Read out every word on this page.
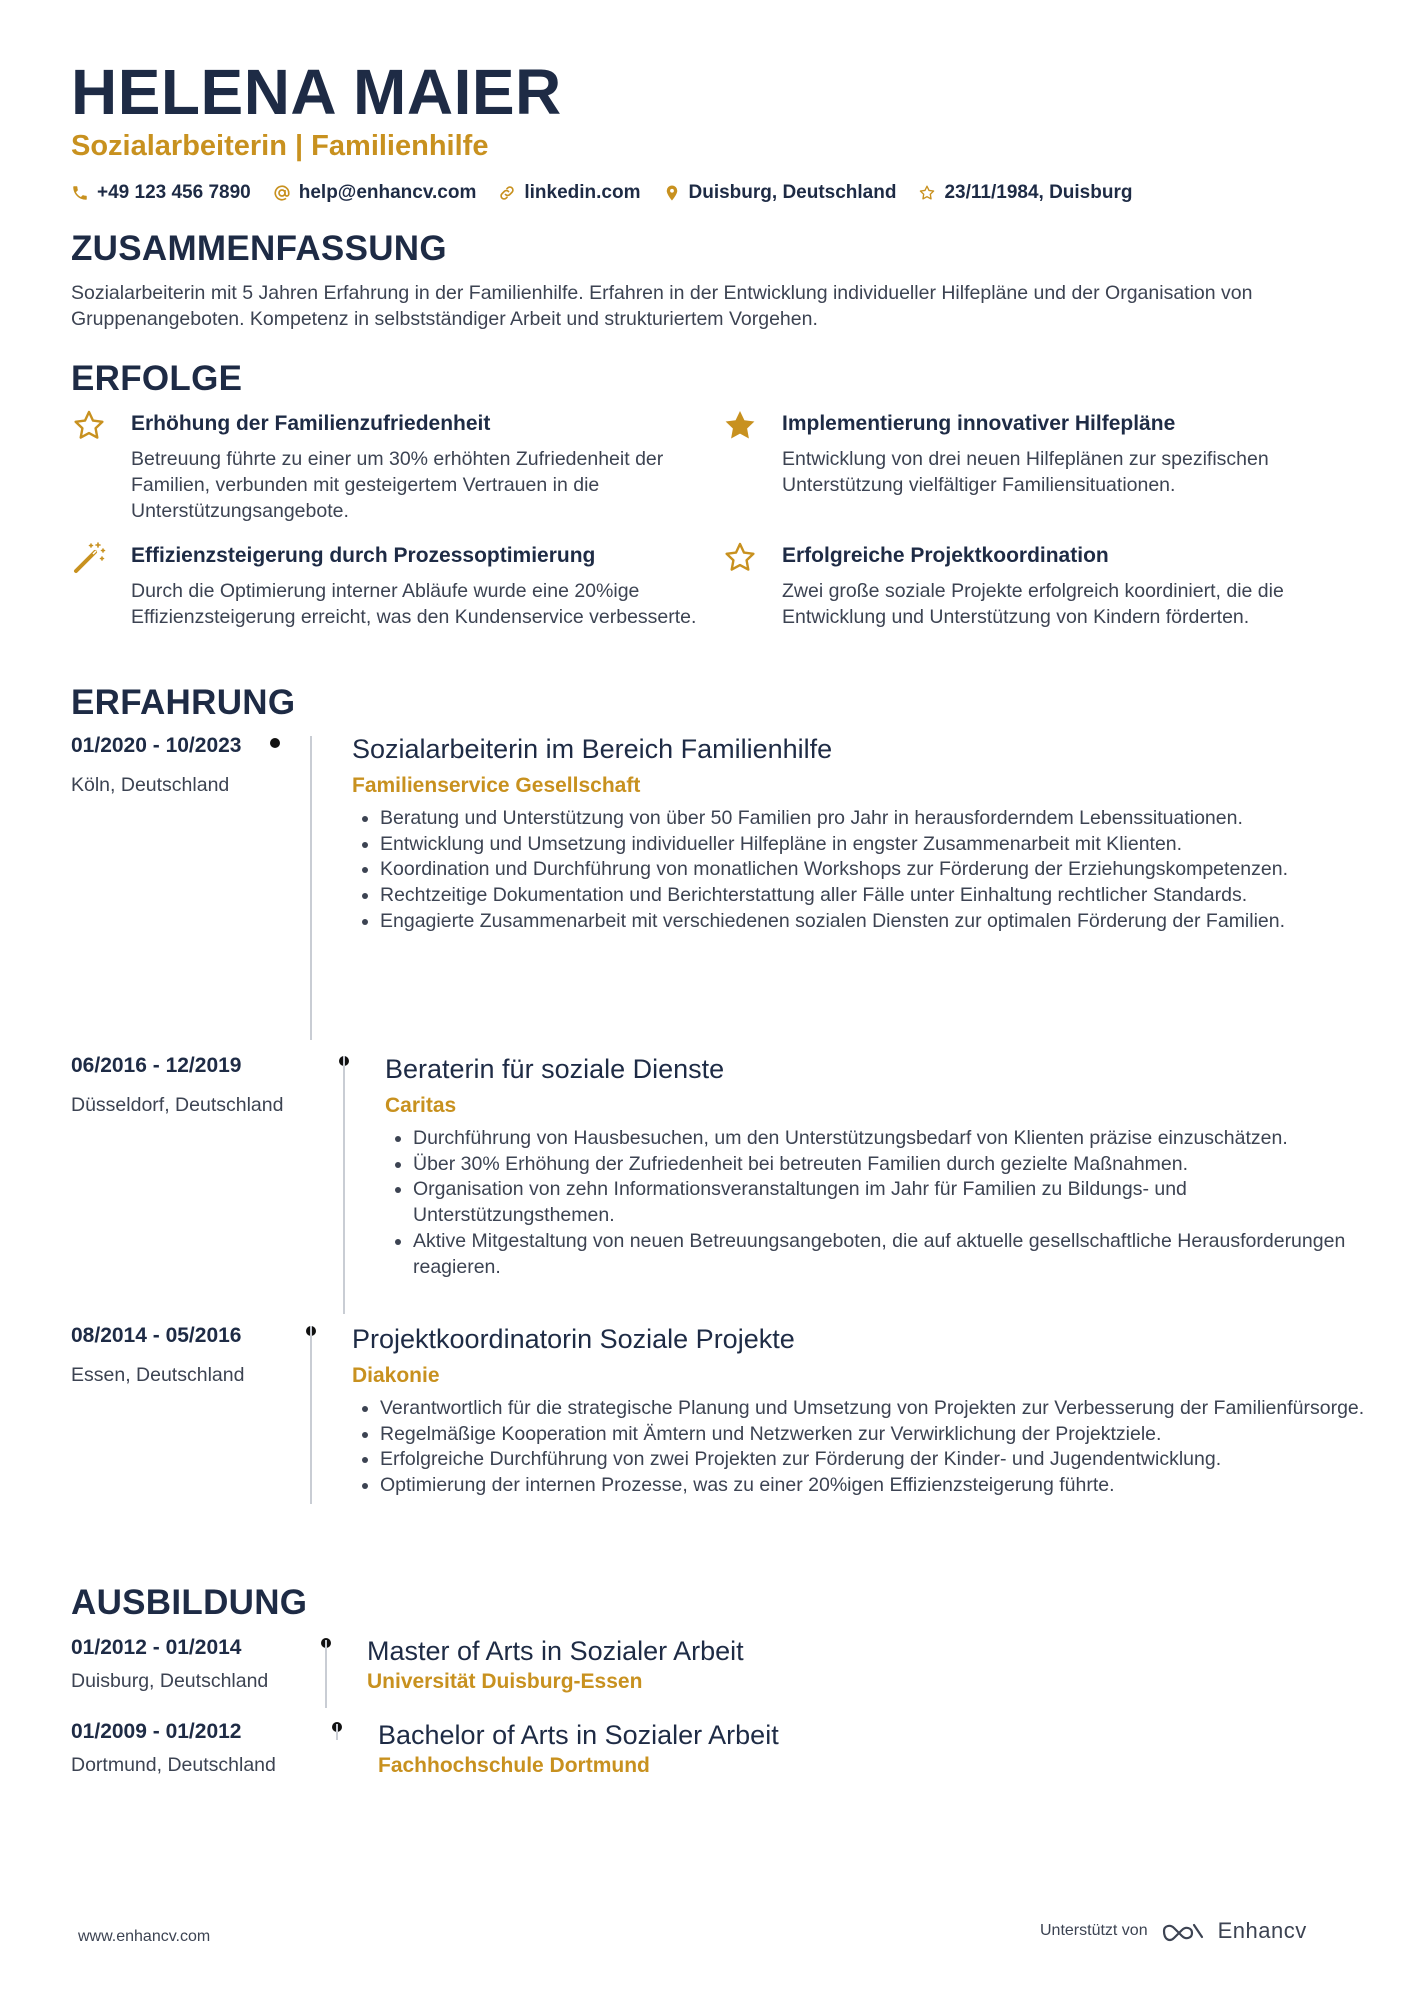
HELENA MAIER
Sozialarbeiterin | Familienhilfe
+49 123 456 7890	help@enhancv.com	linkedin.com	Duisburg, Deutschland	23/11/1984, Duisburg
ZUSAMMENFASSUNG
Sozialarbeiterin mit 5 Jahren Erfahrung in der Familienhilfe. Erfahren in der Entwicklung individueller Hilfepläne und der Organisation von Gruppenangeboten. Kompetenz in selbstständiger Arbeit und strukturiertem Vorgehen.
ERFOLGE
Erhöhung der Familienzufriedenheit
Betreuung führte zu einer um 30% erhöhten Zufriedenheit der Familien, verbunden mit gesteigertem Vertrauen in die Unterstützungsangebote.
Implementierung innovativer Hilfepläne
Entwicklung von drei neuen Hilfeplänen zur spezifischen Unterstützung vielfältiger Familiensituationen.
Effizienzsteigerung durch Prozessoptimierung
Durch die Optimierung interner Abläufe wurde eine 20%ige Effizienzsteigerung erreicht, was den Kundenservice verbesserte.
Erfolgreiche Projektkoordination
Zwei große soziale Projekte erfolgreich koordiniert, die die Entwicklung und Unterstützung von Kindern förderten.
ERFAHRUNG
01/2020 - 10/2023
Köln, Deutschland
Sozialarbeiterin im Bereich Familienhilfe
Familienservice Gesellschaft
• Beratung und Unterstützung von über 50 Familien pro Jahr in herausforderndem Lebenssituationen.
• Entwicklung und Umsetzung individueller Hilfepläne in engster Zusammenarbeit mit Klienten.
• Koordination und Durchführung von monatlichen Workshops zur Förderung der Erziehungskompetenzen.
• Rechtzeitige Dokumentation und Berichterstattung aller Fälle unter Einhaltung rechtlicher Standards.
• Engagierte Zusammenarbeit mit verschiedenen sozialen Diensten zur optimalen Förderung der Familien.
06/2016 - 12/2019
Düsseldorf, Deutschland
Beraterin für soziale Dienste
Caritas
• Durchführung von Hausbesuchen, um den Unterstützungsbedarf von Klienten präzise einzuschätzen.
• Über 30% Erhöhung der Zufriedenheit bei betreuten Familien durch gezielte Maßnahmen.
• Organisation von zehn Informationsveranstaltungen im Jahr für Familien zu Bildungs- und Unterstützungsthemen.
• Aktive Mitgestaltung von neuen Betreuungsangeboten, die auf aktuelle gesellschaftliche Herausforderungen reagieren.
08/2014 - 05/2016
Essen, Deutschland
Projektkoordinatorin Soziale Projekte
Diakonie
• Verantwortlich für die strategische Planung und Umsetzung von Projekten zur Verbesserung der Familienfürsorge.
• Regelmäßige Kooperation mit Ämtern und Netzwerken zur Verwirklichung der Projektziele.
• Erfolgreiche Durchführung von zwei Projekten zur Förderung der Kinder- und Jugendentwicklung.
• Optimierung der internen Prozesse, was zu einer 20%igen Effizienzsteigerung führte.
AUSBILDUNG
01/2012 - 01/2014
Duisburg, Deutschland
Master of Arts in Sozialer Arbeit
Universität Duisburg-Essen
01/2009 - 01/2012
Dortmund, Deutschland
Bachelor of Arts in Sozialer Arbeit
Fachhochschule Dortmund
www.enhancv.com	Unterstützt von	Enhancv
